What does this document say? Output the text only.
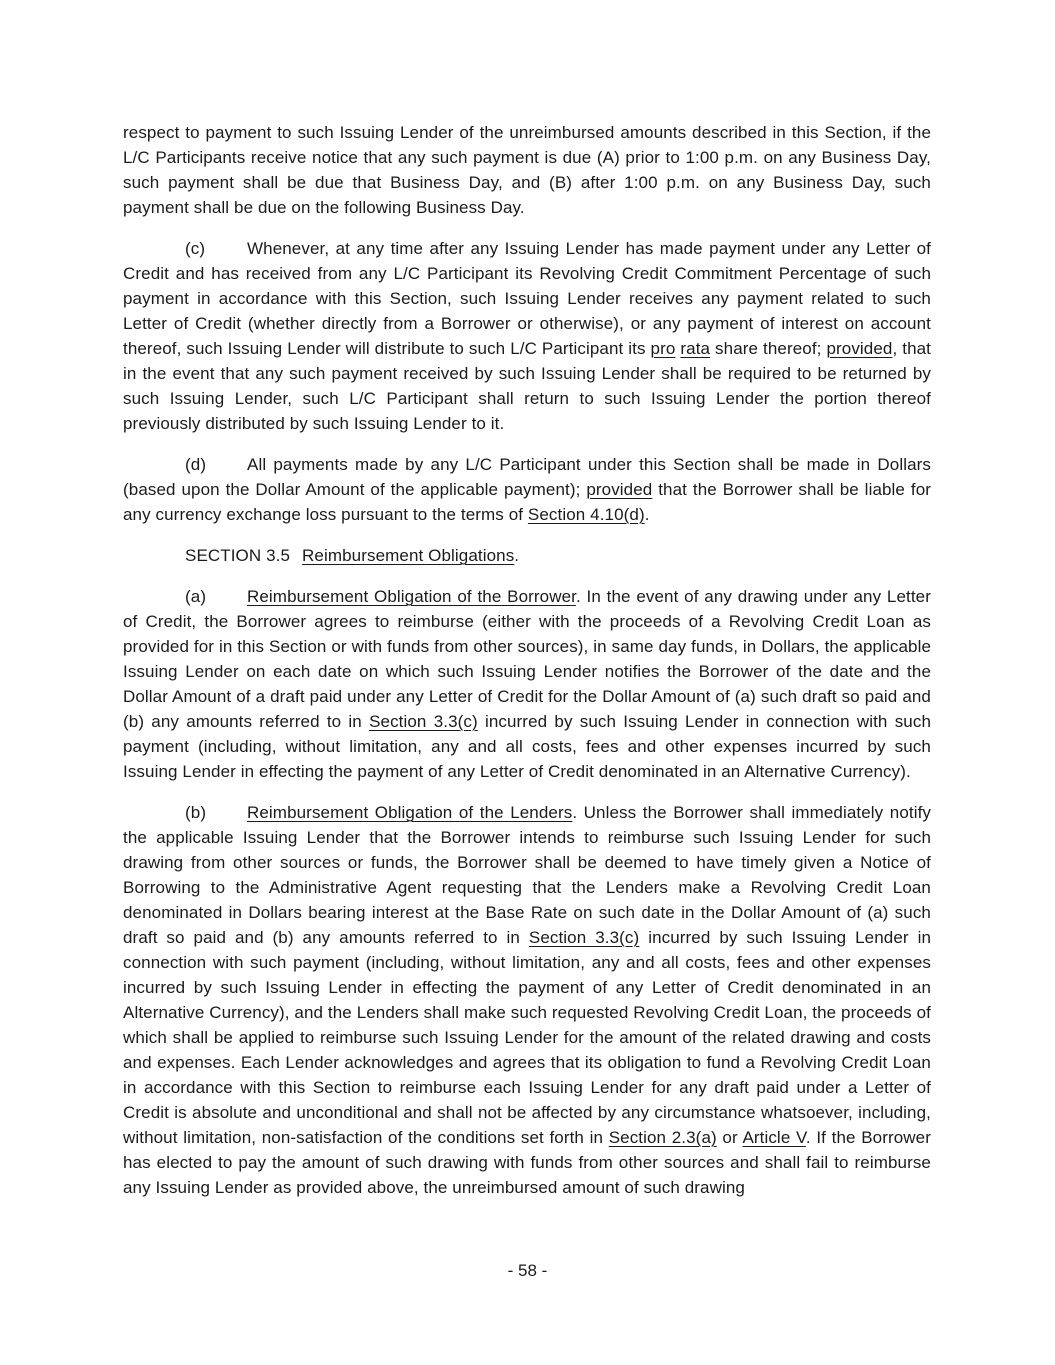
respect to payment to such Issuing Lender of the unreimbursed amounts described in this Section, if the L/C Participants receive notice that any such payment is due (A) prior to 1:00 p.m. on any Business Day, such payment shall be due that Business Day, and (B) after 1:00 p.m. on any Business Day, such payment shall be due on the following Business Day.

(c) Whenever, at any time after any Issuing Lender has made payment under any Letter of Credit and has received from any L/C Participant its Revolving Credit Commitment Percentage of such payment in accordance with this Section, such Issuing Lender receives any payment related to such Letter of Credit (whether directly from a Borrower or otherwise), or any payment of interest on account thereof, such Issuing Lender will distribute to such L/C Participant its pro rata share thereof; provided, that in the event that any such payment received by such Issuing Lender shall be required to be returned by such Issuing Lender, such L/C Participant shall return to such Issuing Lender the portion thereof previously distributed by such Issuing Lender to it.

(d) All payments made by any L/C Participant under this Section shall be made in Dollars (based upon the Dollar Amount of the applicable payment); provided that the Borrower shall be liable for any currency exchange loss pursuant to the terms of Section 4.10(d).

SECTION 3.5 Reimbursement Obligations.

(a) Reimbursement Obligation of the Borrower. In the event of any drawing under any Letter of Credit, the Borrower agrees to reimburse (either with the proceeds of a Revolving Credit Loan as provided for in this Section or with funds from other sources), in same day funds, in Dollars, the applicable Issuing Lender on each date on which such Issuing Lender notifies the Borrower of the date and the Dollar Amount of a draft paid under any Letter of Credit for the Dollar Amount of (a) such draft so paid and (b) any amounts referred to in Section 3.3(c) incurred by such Issuing Lender in connection with such payment (including, without limitation, any and all costs, fees and other expenses incurred by such Issuing Lender in effecting the payment of any Letter of Credit denominated in an Alternative Currency).

(b) Reimbursement Obligation of the Lenders. Unless the Borrower shall immediately notify the applicable Issuing Lender that the Borrower intends to reimburse such Issuing Lender for such drawing from other sources or funds, the Borrower shall be deemed to have timely given a Notice of Borrowing to the Administrative Agent requesting that the Lenders make a Revolving Credit Loan denominated in Dollars bearing interest at the Base Rate on such date in the Dollar Amount of (a) such draft so paid and (b) any amounts referred to in Section 3.3(c) incurred by such Issuing Lender in connection with such payment (including, without limitation, any and all costs, fees and other expenses incurred by such Issuing Lender in effecting the payment of any Letter of Credit denominated in an Alternative Currency), and the Lenders shall make such requested Revolving Credit Loan, the proceeds of which shall be applied to reimburse such Issuing Lender for the amount of the related drawing and costs and expenses. Each Lender acknowledges and agrees that its obligation to fund a Revolving Credit Loan in accordance with this Section to reimburse each Issuing Lender for any draft paid under a Letter of Credit is absolute and unconditional and shall not be affected by any circumstance whatsoever, including, without limitation, non-satisfaction of the conditions set forth in Section 2.3(a) or Article V. If the Borrower has elected to pay the amount of such drawing with funds from other sources and shall fail to reimburse any Issuing Lender as provided above, the unreimbursed amount of such drawing

- 58 -
